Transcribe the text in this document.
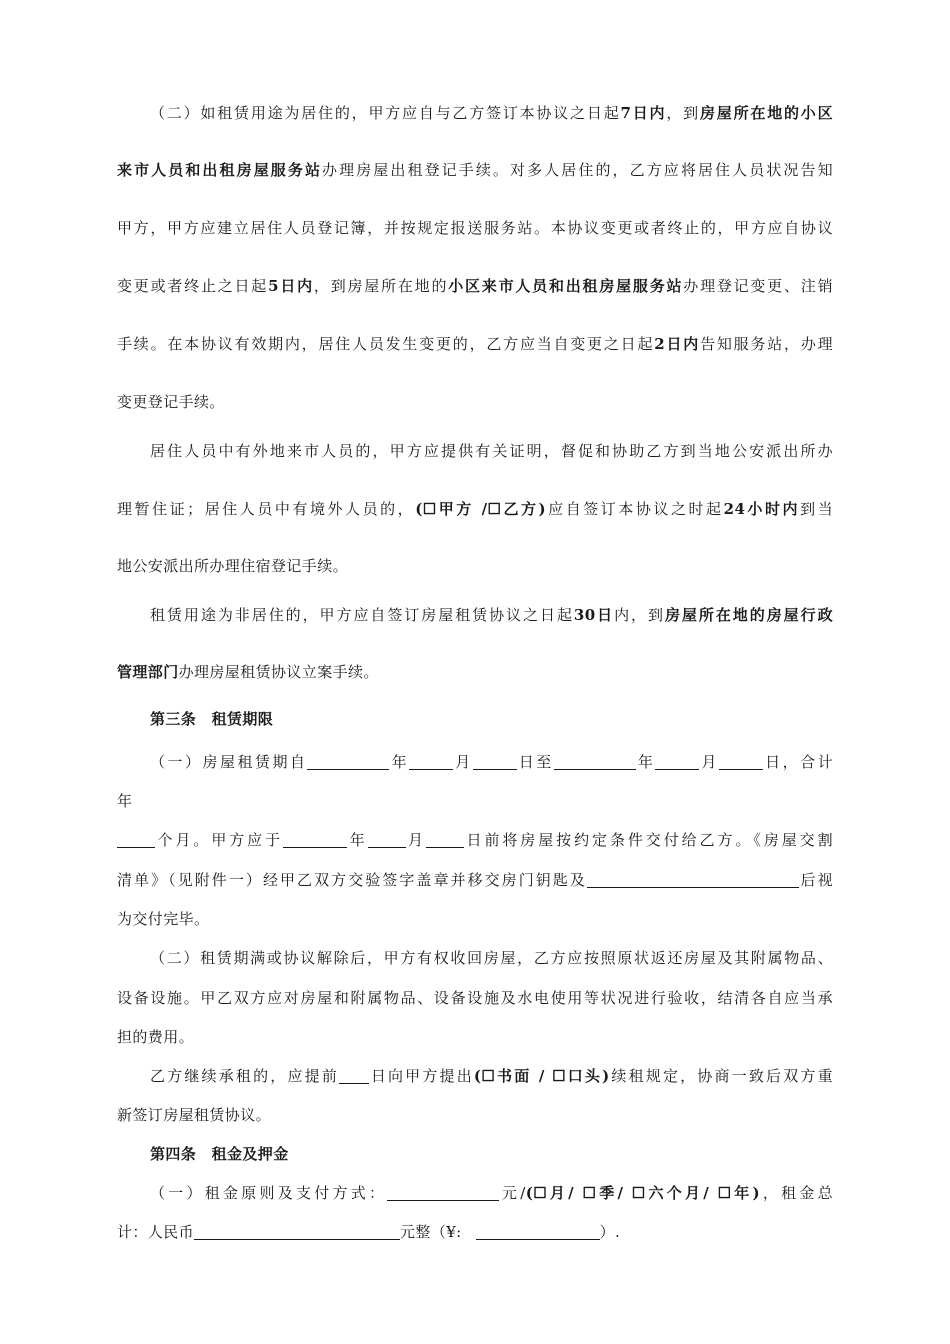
（二）如租赁用途为居住的，甲方应自与乙方签订本协议之日起7日内，到房屋所在地的小区
来市人员和出租房屋服务站办理房屋出租登记手续。对多人居住的，乙方应将居住人员状况告知
甲方，甲方应建立居住人员登记簿，并按规定报送服务站。本协议变更或者终止的，甲方应自协议
变更或者终止之日起5日内，到房屋所在地的小区来市人员和出租房屋服务站办理登记变更、注销
手续。在本协议有效期内，居住人员发生变更的，乙方应当自变更之日起2日内告知服务站，办理
变更登记手续。
居住人员中有外地来市人员的，甲方应提供有关证明，督促和协助乙方到当地公安派出所办
理暂住证；居住人员中有境外人员的，(☐甲方 /☐乙方)应自签订本协议之时起24小时内到当
地公安派出所办理住宿登记手续。
租赁用途为非居住的，甲方应自签订房屋租赁协议之日起30日内，到房屋所在地的房屋行政
管理部门办理房屋租赁协议立案手续。
第三条　租赁期限
（一）房屋租赁期自	年	月	日至	年	月	日，合计
年
个月。甲方应于	年	月	日前将房屋按约定条件交付给乙方。《房屋交割
清单》（见附件一）经甲乙双方交验签字盖章并移交房门钥匙及	后视
为交付完毕。
（二）租赁期满或协议解除后，甲方有权收回房屋，乙方应按照原状返还房屋及其附属物品、
设备设施。甲乙双方应对房屋和附属物品、设备设施及水电使用等状况进行验收，结清各自应当承
担的费用。
乙方继续承租的，应提前 日向甲方提出(☐书面 / ☐口头)续租规定，协商一致后双方重
新签订房屋租赁协议。
第四条　租金及押金
（一）租金原则及支付方式：	元/(☐月/ ☐季/ ☐六个月/ ☐年)，租金总
计：人民币	元整（¥:	）.
